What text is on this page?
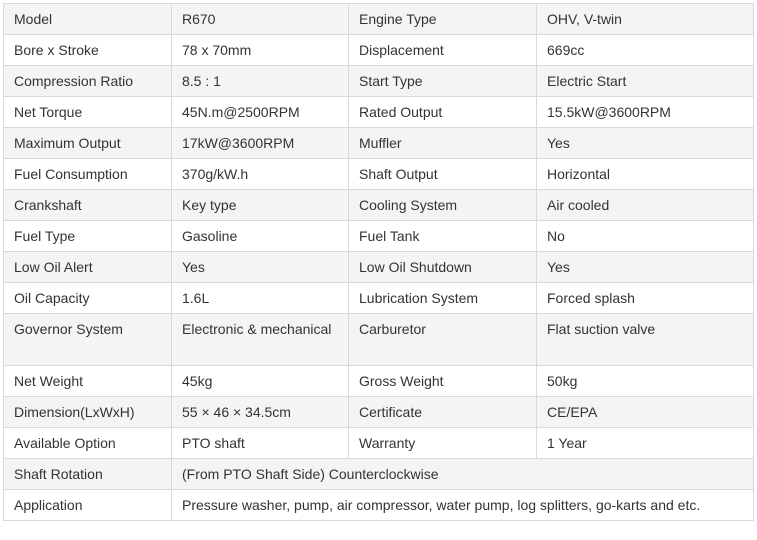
Model	R670	Engine Type	OHV, V-twin
Bore x Stroke	78 x 70mm	Displacement	669cc
Compression Ratio	8.5 : 1	Start Type	Electric Start
Net Torque	45N.m@2500RPM	Rated Output	15.5kW@3600RPM
Maximum Output	17kW@3600RPM	Muffler	Yes
Fuel Consumption	370g/kW.h	Shaft Output	Horizontal
Crankshaft	Key type	Cooling System	Air cooled
Fuel Type	Gasoline	Fuel Tank	No
Low Oil Alert	Yes	Low Oil Shutdown	Yes
Oil Capacity	1.6L	Lubrication System	Forced splash
Governor System	Electronic & mechanical	Carburetor	Flat suction valve
Net Weight	45kg	Gross Weight	50kg
Dimension(LxWxH)	55 × 46 × 34.5cm	Certificate	CE/EPA
Available Option	PTO shaft	Warranty	1 Year
Shaft Rotation	(From PTO Shaft Side) Counterclockwise		
Application	Pressure washer, pump, air compressor, water pump, log splitters, go-karts and etc.		
